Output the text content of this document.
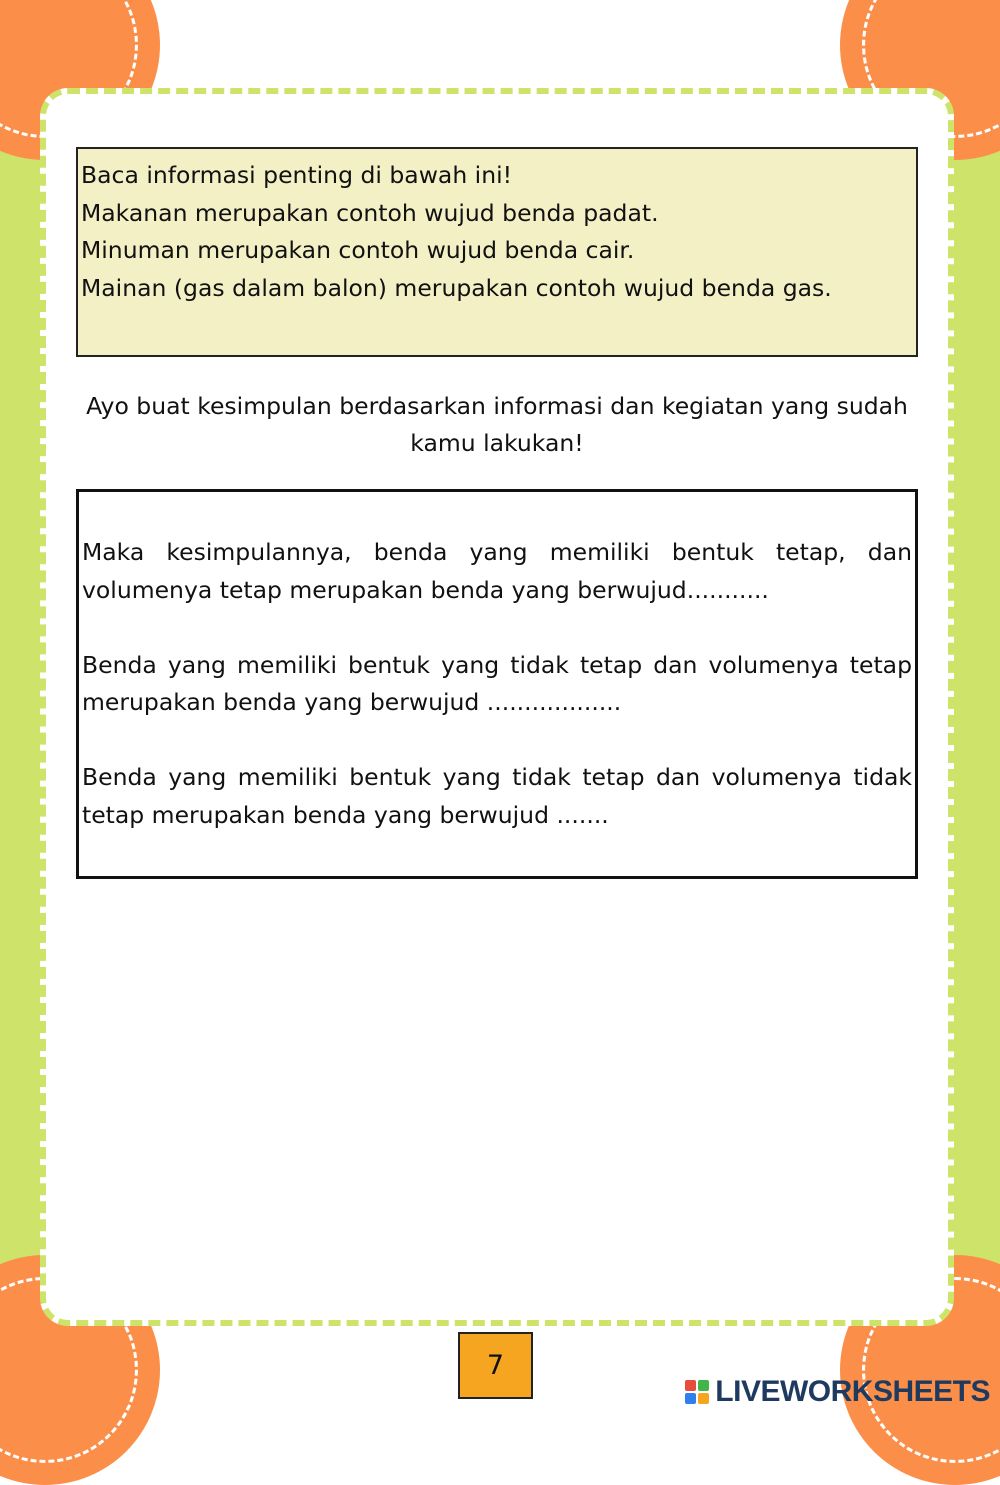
Baca informasi penting di bawah ini!

Makanan merupakan contoh wujud benda padat.

Minuman merupakan contoh wujud benda cair.

Mainan (gas dalam balon) merupakan contoh wujud benda gas.

Ayo buat kesimpulan berdasarkan informasi dan kegiatan yang sudah kamu lakukan!

Maka kesimpulannya, benda yang memiliki bentuk tetap, dan volumenya tetap merupakan benda yang berwujud...........

Benda yang memiliki bentuk yang tidak tetap dan volumenya tetap merupakan benda yang berwujud ..................

Benda yang memiliki bentuk yang tidak tetap dan volumenya tidak tetap merupakan benda yang berwujud .......

7
LIVEWORKSHEETS
